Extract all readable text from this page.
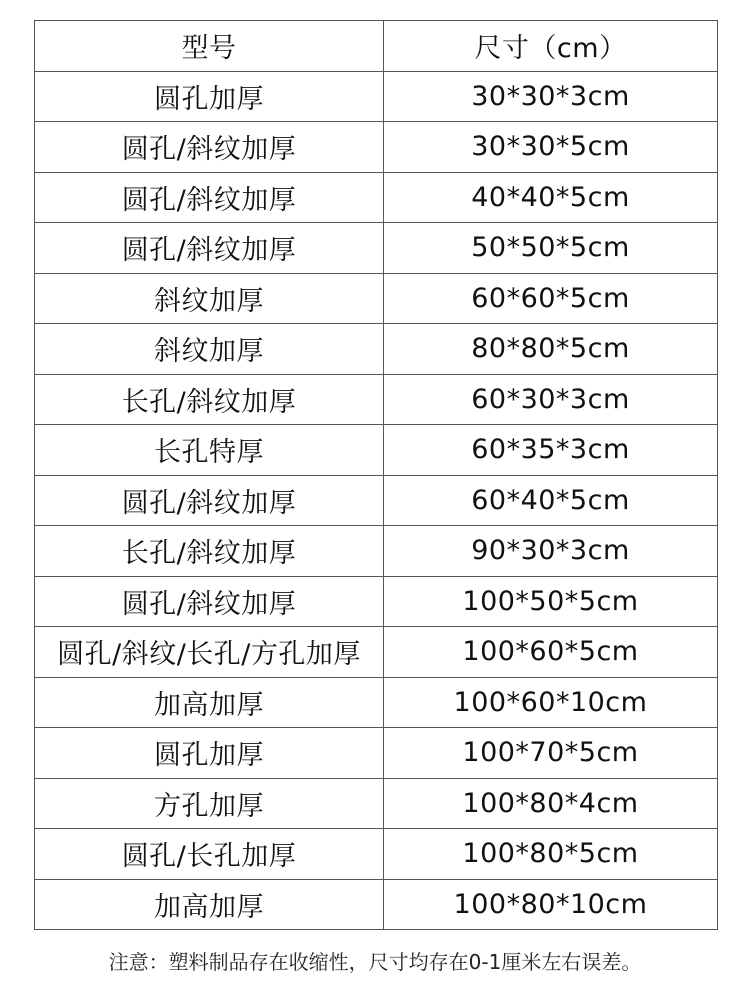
型号	尺寸（cm）
圆孔加厚	30*30*3cm
圆孔/斜纹加厚	30*30*5cm
圆孔/斜纹加厚	40*40*5cm
圆孔/斜纹加厚	50*50*5cm
斜纹加厚	60*60*5cm
斜纹加厚	80*80*5cm
长孔/斜纹加厚	60*30*3cm
长孔特厚	60*35*3cm
圆孔/斜纹加厚	60*40*5cm
长孔/斜纹加厚	90*30*3cm
圆孔/斜纹加厚	100*50*5cm
圆孔/斜纹/长孔/方孔加厚	100*60*5cm
加高加厚	100*60*10cm
圆孔加厚	100*70*5cm
方孔加厚	100*80*4cm
圆孔/长孔加厚	100*80*5cm
加高加厚	100*80*10cm
注意：塑料制品存在收缩性，尺寸均存在0-1厘米左右误差。
